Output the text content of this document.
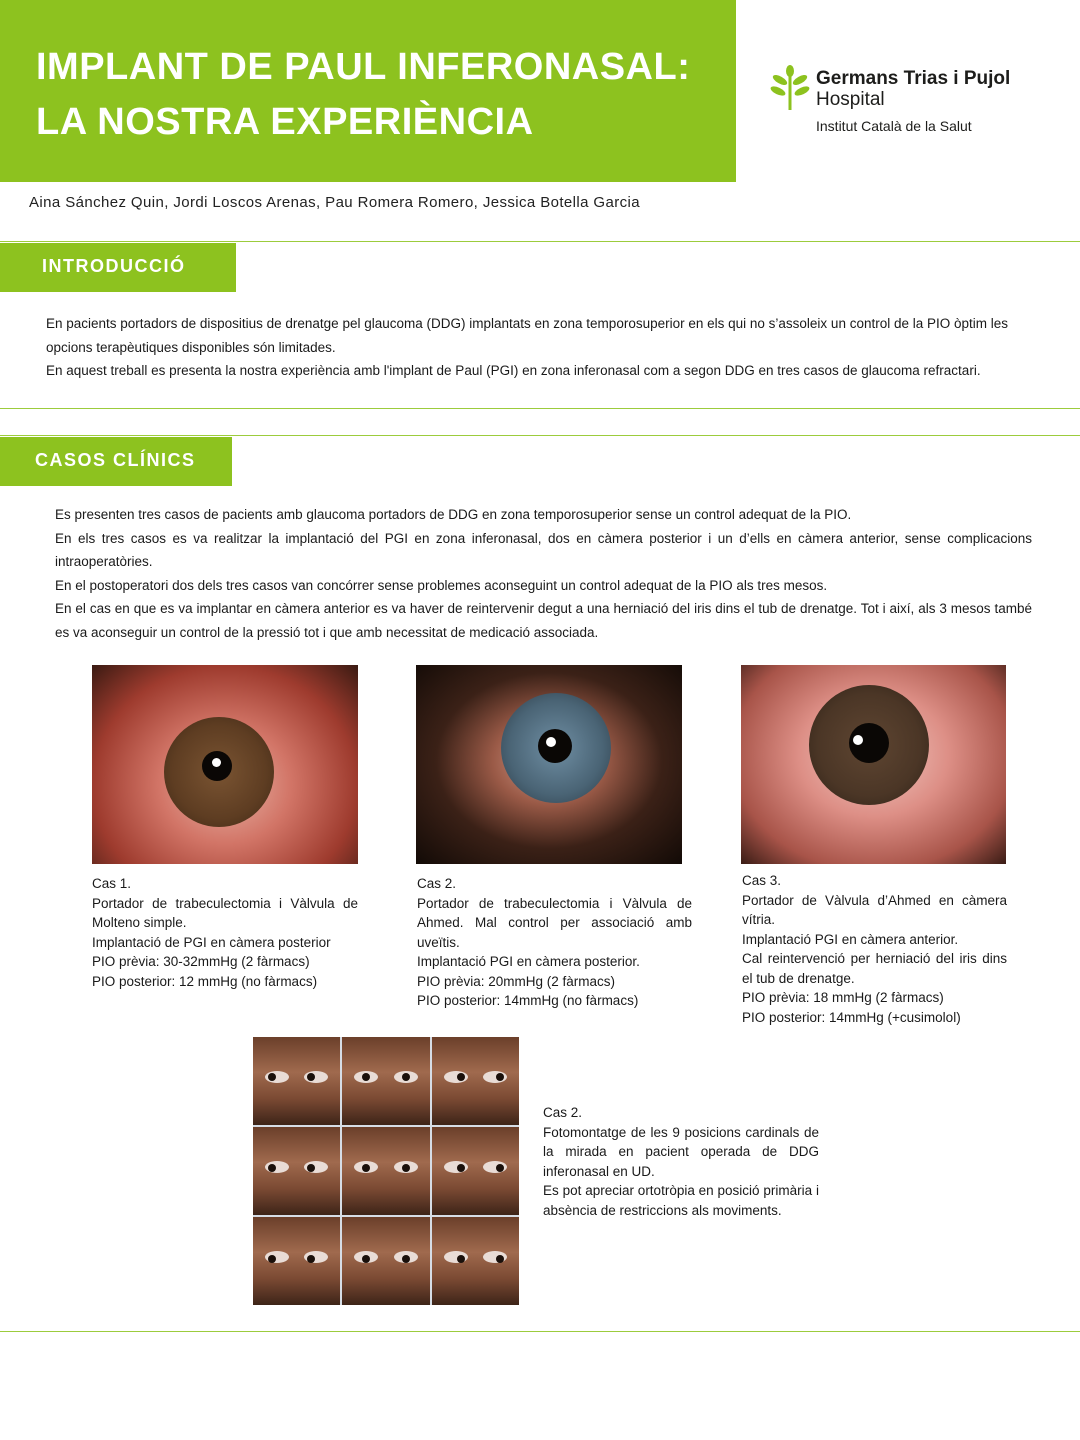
IMPLANT DE PAUL INFERONASAL:
LA NOSTRA EXPERIÈNCIA
Germans Trias i Pujol
Hospital
Institut Català de la Salut
Aina Sánchez Quin, Jordi Loscos Arenas, Pau Romera Romero, Jessica Botella Garcia
INTRODUCCIÓ

En pacients portadors de dispositius de drenatge pel glaucoma (DDG) implantats en zona temporosuperior en els qui no s’assoleix un control de la PIO òptim les opcions terapèutiques disponibles són limitades.

En aquest treball es presenta la nostra experiència amb l'implant de Paul (PGI) en zona inferonasal com a segon DDG en tres casos de glaucoma refractari.

CASOS CLÍNICS

Es presenten tres casos de pacients amb glaucoma portadors de DDG en zona temporosuperior sense un control adequat de la PIO.

En els tres casos es va realitzar la implantació del PGI en zona inferonasal, dos en càmera posterior i un d’ells en càmera anterior, sense complicacions intraoperatòries.

En el postoperatori dos dels tres casos van concórrer sense problemes aconseguint un control adequat de la PIO als tres mesos.

En el cas en que es va implantar en càmera anterior es va haver de reintervenir degut a una herniació del iris dins el tub de drenatge. Tot i així, als 3 mesos també es va aconseguir un control de la pressió tot i que amb necessitat de medicació associada.

Cas 1.
Portador de trabeculectomia i Vàlvula de Molteno simple.
Implantació de PGI en càmera posterior
PIO prèvia: 30-32mmHg (2 fàrmacs)
PIO posterior: 12 mmHg (no fàrmacs)
Cas 2.
Portador de trabeculectomia i Vàlvula de Ahmed. Mal control per associació amb uveïtis.
Implantació PGI en càmera posterior.
PIO prèvia: 20mmHg (2 fàrmacs)
PIO posterior: 14mmHg (no fàrmacs)
Cas 3.
Portador de Vàlvula d’Ahmed en càmera vítria.
Implantació PGI en càmera anterior.
Cal reintervenció per herniació del iris dins el tub de drenatge.
PIO prèvia: 18 mmHg (2 fàrmacs)
PIO posterior: 14mmHg (+cusimolol)
Cas 2.
Fotomontatge de les 9 posicions cardinals de la mirada en pacient operada de DDG inferonasal en UD.
Es pot apreciar ortotròpia en posició primària i absència de restriccions als moviments.
